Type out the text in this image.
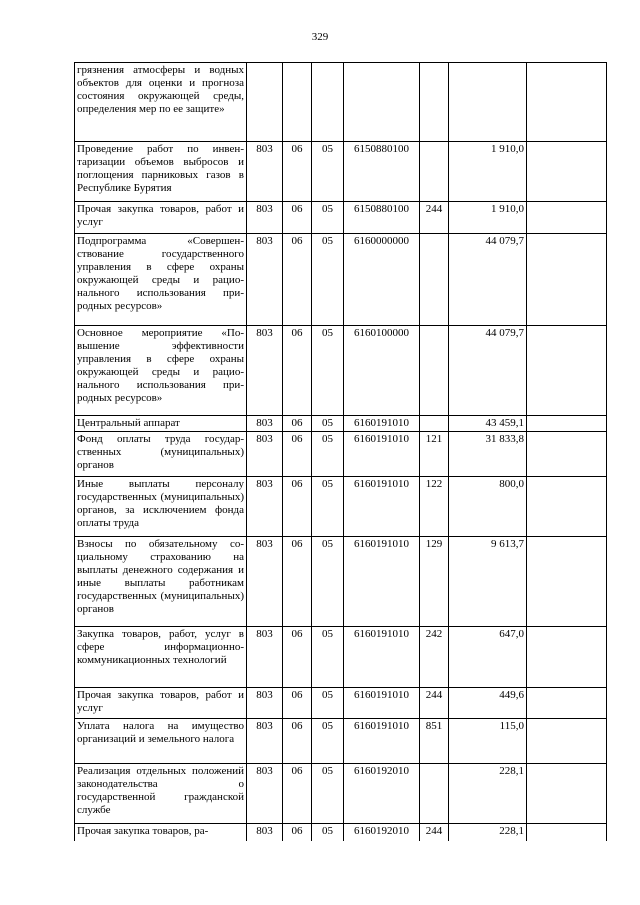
329
грязнения атмосферы и водных объектов для оценки и прогноза состояния окружающей среды, определения мер по ее защите»							
Проведение работ по инвентаризации объемов выбросов и поглощения парниковых газов в Республике Бурятия	803	06	05	6150880100		1 910,0	
Прочая закупка товаров, работ и услуг	803	06	05	6150880100	244	1 910,0	
Подпрограмма «Совершенствование государственного управления в сфере охраны окружающей среды и рационального использования природных ресурсов»	803	06	05	6160000000		44 079,7	
Основное мероприятие «Повышение эффективности управления в сфере охраны окружающей среды и рационального использования природных ресурсов»	803	06	05	6160100000		44 079,7	
Центральный аппарат	803	06	05	6160191010		43 459,1	
Фонд оплаты труда государственных (муниципальных) органов	803	06	05	6160191010	121	31 833,8	
Иные выплаты персоналу государственных (муниципальных) органов, за исключением фонда оплаты труда	803	06	05	6160191010	122	800,0	
Взносы по обязательному социальному страхованию на выплаты денежного содержания и иные выплаты работникам государственных (муниципальных) органов	803	06	05	6160191010	129	9 613,7	
Закупка товаров, работ, услуг в сфере информационно-коммуникационных технологий	803	06	05	6160191010	242	647,0	
Прочая закупка товаров, работ и услуг	803	06	05	6160191010	244	449,6	
Уплата налога на имущество организаций и земельного налога	803	06	05	6160191010	851	115,0	
Реализация отдельных положений законодательства о государственной гражданской службе	803	06	05	6160192010		228,1	
Прочая закупка товаров, ра-	803	06	05	6160192010	244	228,1	
